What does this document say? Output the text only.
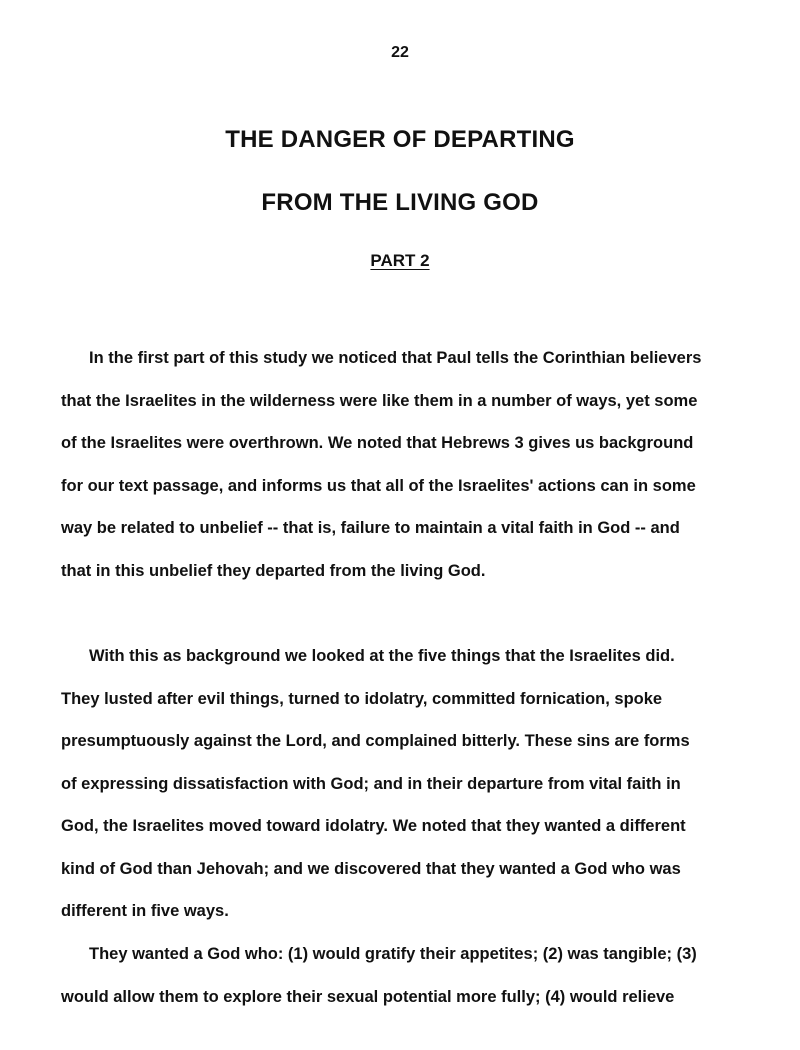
22
THE DANGER OF DEPARTING
FROM THE LIVING GOD
PART 2
In the first part of this study we noticed that Paul tells the Corinthian believers
that the Israelites in the wilderness were like them in a number of ways, yet some
of the Israelites were overthrown. We noted that Hebrews 3 gives us background
for our text passage, and informs us that all of the Israelites' actions can in some
way be related to unbelief -- that is, failure to maintain a vital faith in God -- and
that in this unbelief they departed from the living God.
With this as background we looked at the five things that the Israelites did.
They lusted after evil things, turned to idolatry, committed fornication, spoke
presumptuously against the Lord, and complained bitterly. These sins are forms
of expressing dissatisfaction with God; and in their departure from vital faith in
God, the Israelites moved toward idolatry. We noted that they wanted a different
kind of God than Jehovah; and we discovered that they wanted a God who was
different in five ways.
They wanted a God who: (1) would gratify their appetites; (2) was tangible; (3)
would allow them to explore their sexual potential more fully; (4) would relieve
